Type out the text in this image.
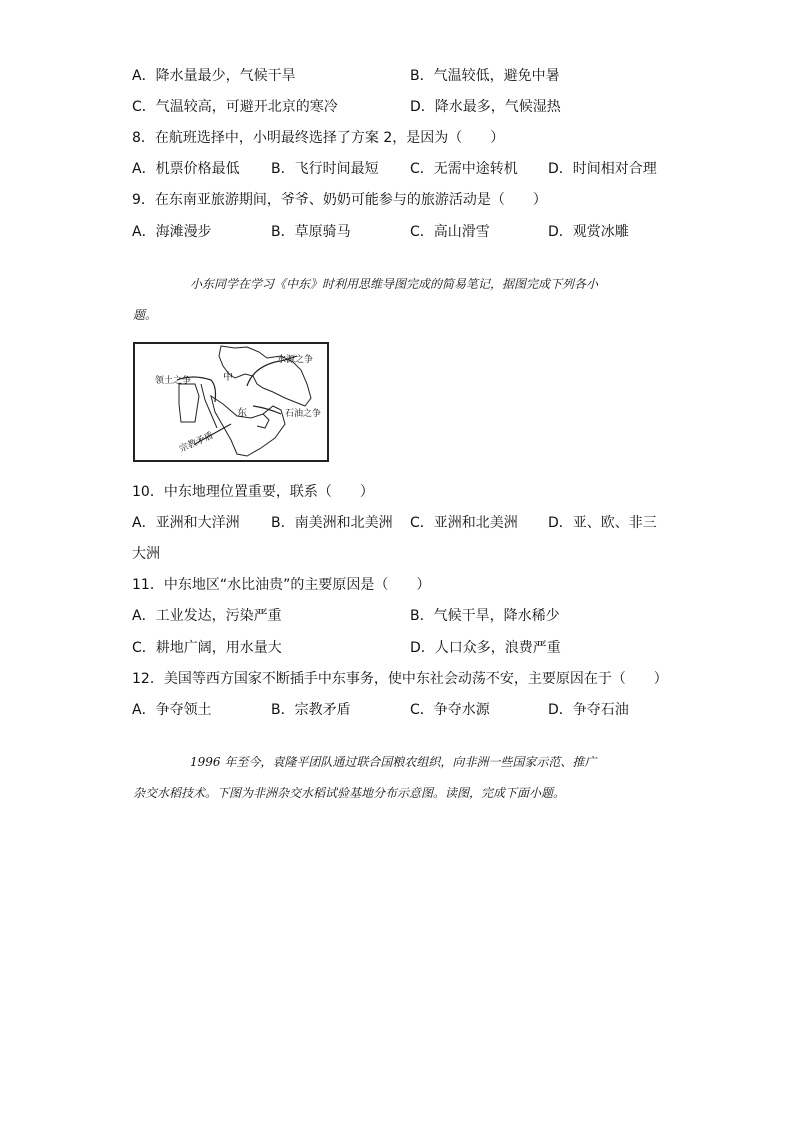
A．降水量最少，气候干旱	B．气温较低，避免中暑
C．气温较高，可避开北京的寒冷	D．降水最多，气候湿热
8．在航班选择中，小明最终选择了方案 2，是因为（　　）
A．机票价格最低 B．飞行时间最短 C．无需中途转机 D．时间相对合理
9．在东南亚旅游期间，爷爷、奶奶可能参与的旅游活动是（　　）
A．海滩漫步	B．草原骑马	C．高山滑雪	D．观赏冰雕
小东同学在学习《中东》时利用思维导图完成的简易笔记，据图完成下列各小
题。
领土之争
水源之争
石油之争
宗教矛盾
中
东
10．中东地理位置重要，联系（　　）
A．亚洲和大洋洲 B．南美洲和北美洲 C．亚洲和北美洲 D．亚、欧、非三
大洲
11．中东地区“水比油贵”的主要原因是（　　）
A．工业发达，污染严重	B．气候干旱，降水稀少
C．耕地广阔，用水量大	D．人口众多，浪费严重
12．美国等西方国家不断插手中东事务，使中东社会动荡不安，主要原因在于（　　）
A．争夺领土	B．宗教矛盾	C．争夺水源	D．争夺石油
1996 年至今，袁隆平团队通过联合国粮农组织，向非洲一些国家示范、推广
杂交水稻技术。下图为非洲杂交水稻试验基地分布示意图。读图，完成下面小题。
